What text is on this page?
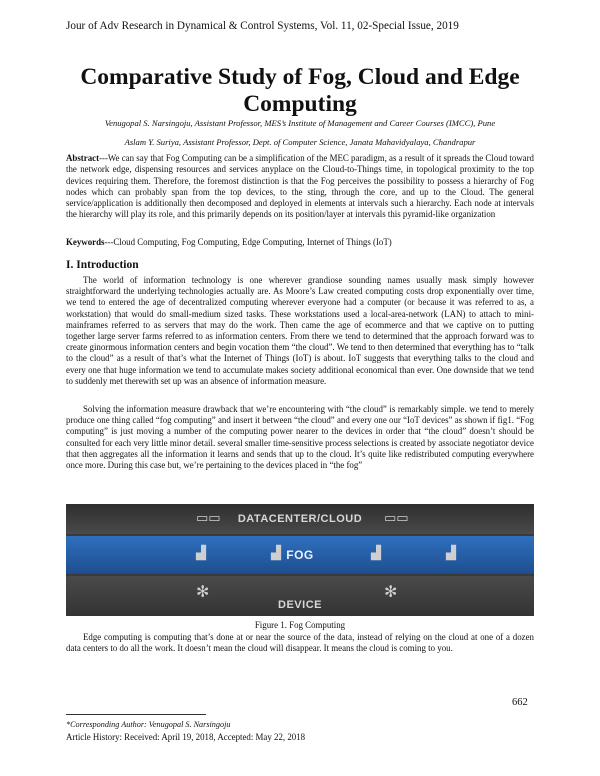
Jour of Adv Research in Dynamical & Control Systems, Vol. 11, 02-Special Issue, 2019
Comparative Study of Fog, Cloud and Edge Computing
Venugopal S. Narsingoju, Assistant Professor, MES’s Institute of Management and Career Courses (IMCC), Pune
Aslam Y. Suriya, Assistant Professor, Dept. of Computer Science, Janata Mahavidyalaya, Chandrapur
Abstract---We can say that Fog Computing can be a simplification of the MEC paradigm, as a result of it spreads the Cloud toward the network edge, dispensing resources and services anyplace on the Cloud-to-Things time, in topological proximity to the top devices requiring them. Therefore, the foremost distinction is that the Fog perceives the possibility to possess a hierarchy of Fog nodes which can probably span from the top devices, to the sting, through the core, and up to the Cloud. The general service/application is additionally then decomposed and deployed in elements at intervals such a hierarchy. Each node at intervals the hierarchy will play its role, and this primarily depends on its position/layer at intervals this pyramid-like organization
Keywords---Cloud Computing, Fog Computing, Edge Computing, Internet of Things (IoT)
I. Introduction
The world of information technology is one wherever grandiose sounding names usually mask simply however straightforward the underlying technologies actually are. As Moore’s Law created computing costs drop exponentially over time, we tend to entered the age of decentralized computing wherever everyone had a computer (or because it was referred to as, a workstation) that would do small-medium sized tasks. These workstations used a local-area-network (LAN) to attach to mini-mainframes referred to as servers that may do the work. Then came the age of ecommerce and that we captive on to putting together large server farms referred to as information centers. From there we tend to determined that the approach forward was to create ginormous information centers and begin vocation them “the cloud”. We tend to then determined that everything has to “talk to the cloud” as a result of that’s what the Internet of Things (IoT) is about. IoT suggests that everything talks to the cloud and every one that huge information we tend to accumulate makes society additional economical than ever. One downside that we tend to suddenly met therewith set up was an absence of information measure.
Solving the information measure drawback that we’re encountering with “the cloud” is remarkably simple. we tend to merely produce one thing called “fog computing” and insert it between “the cloud” and every one our “IoT devices” as shown if fig1. “Fog computing” is just moving a number of the computing power nearer to the devices in order that “the cloud” doesn’t should be consulted for each very little minor detail. several smaller time-sensitive process selections is created by associate negotiator device that then aggregates all the information it learns and sends that up to the cloud. It’s quite like redistributed computing everywhere once more. During this case but, we’re pertaining to the devices placed in “the fog”
▭▭ DATACENTER/CLOUD ▭▭
▟	▟ FOG	▟	▟
✻
DEVICE
✻
Figure 1. Fog Computing
Edge computing is computing that’s done at or near the source of the data, instead of relying on the cloud at one of a dozen data centers to do all the work. It doesn’t mean the cloud will disappear. It means the cloud is coming to you.
662
*Corresponding Author: Venugopal S. Narsingoju
Article History: Received: April 19, 2018, Accepted: May 22, 2018
